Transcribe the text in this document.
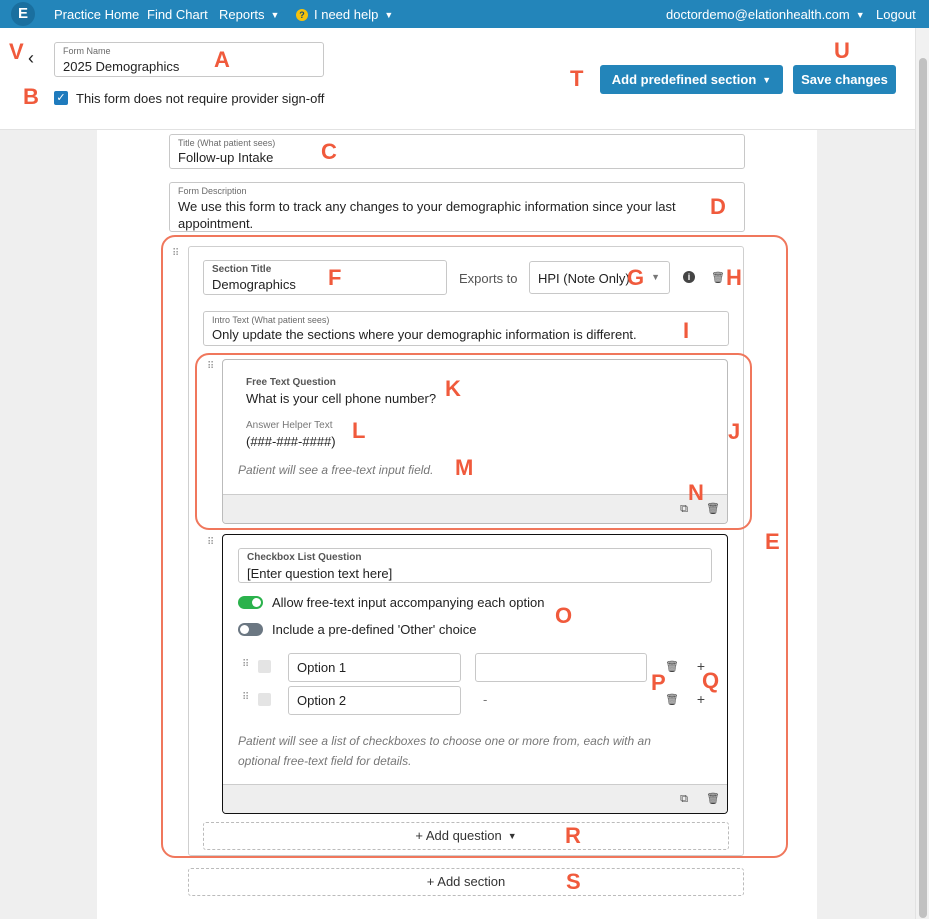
E	Practice Home Find Chart Reports ▼	? I need help ▼	doctordemo@elationhealth.com ▼ Logout
‹	Form Name
2025 Demographics
✓ This form does not require provider sign-off
Add predefined section ▼	Save changes
Title (What patient sees)
Follow-up Intake
Form Description
We use this form to track any changes to your demographic information since your last appointment.
⠿
Section Title
Demographics	Exports to HPI (Note Only) ▼	i	🗑
Intro Text (What patient sees)
Only update the sections where your demographic information is different.
⠿
Free Text Question
What is your cell phone number?
Answer Helper Text
(###-###-####)
Patient will see a free-text input field.
⧉ 🗑
⠿
Checkbox List Question
[Enter question text here]
Allow free-text input accompanying each option
Include a pre-defined 'Other' choice
⠿	Option 1	🗑 +
⠿	Option 2	-	🗑 +
Patient will see a list of checkboxes to choose one or more from, each with an optional free-text field for details.
⧉ 🗑
+ Add question ▼
+ Add section
A
B
C
D
E
F	G	H
I
J
K
L
M
N
O
P Q
R
S
T
U
V
